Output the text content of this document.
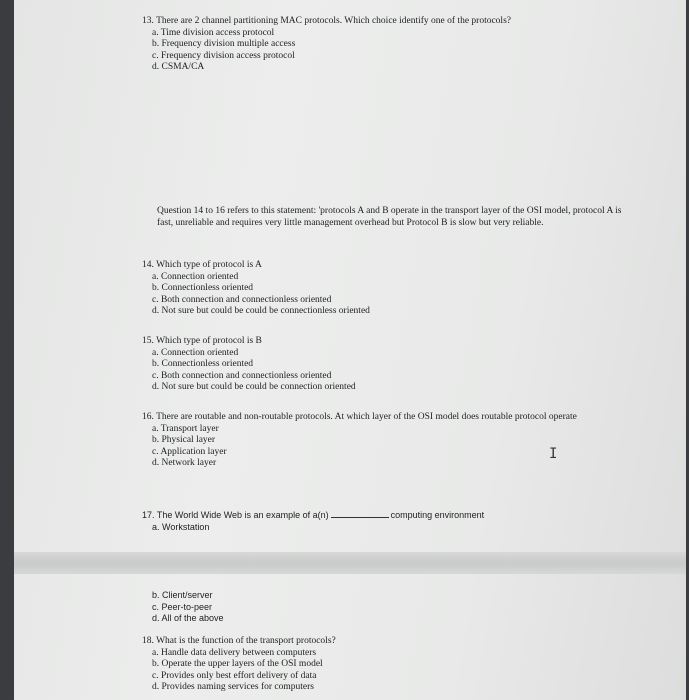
13. There are 2 channel partitioning MAC protocols. Which choice identify one of the protocols?
a. Time division access protocol
b. Frequency division multiple access
c. Frequency division access protocol
d. CSMA/CA
Question 14 to 16 refers to this statement: 'protocols A and B operate in the transport layer of the OSI model, protocol A is fast, unreliable and requires very little management overhead but Protocol B is slow but very reliable.
14. Which type of protocol is A
a. Connection oriented
b. Connectionless oriented
c. Both connection and connectionless oriented
d. Not sure but could be could be connectionless oriented
15. Which type of protocol is B
a. Connection oriented
b. Connectionless oriented
c. Both connection and connectionless oriented
d. Not sure but could be could be connection oriented
16. There are routable and non-routable protocols. At which layer of the OSI model does routable protocol operate
a. Transport layer
b. Physical layer
c. Application layer
d. Network layer
I
17. The World Wide Web is an example of a(n)	computing environment
a. Workstation
b. Client/server
c. Peer-to-peer
d. All of the above
18. What is the function of the transport protocols?
a. Handle data delivery between computers
b. Operate the upper layers of the OSI model
c. Provides only best effort delivery of data
d. Provides naming services for computers
